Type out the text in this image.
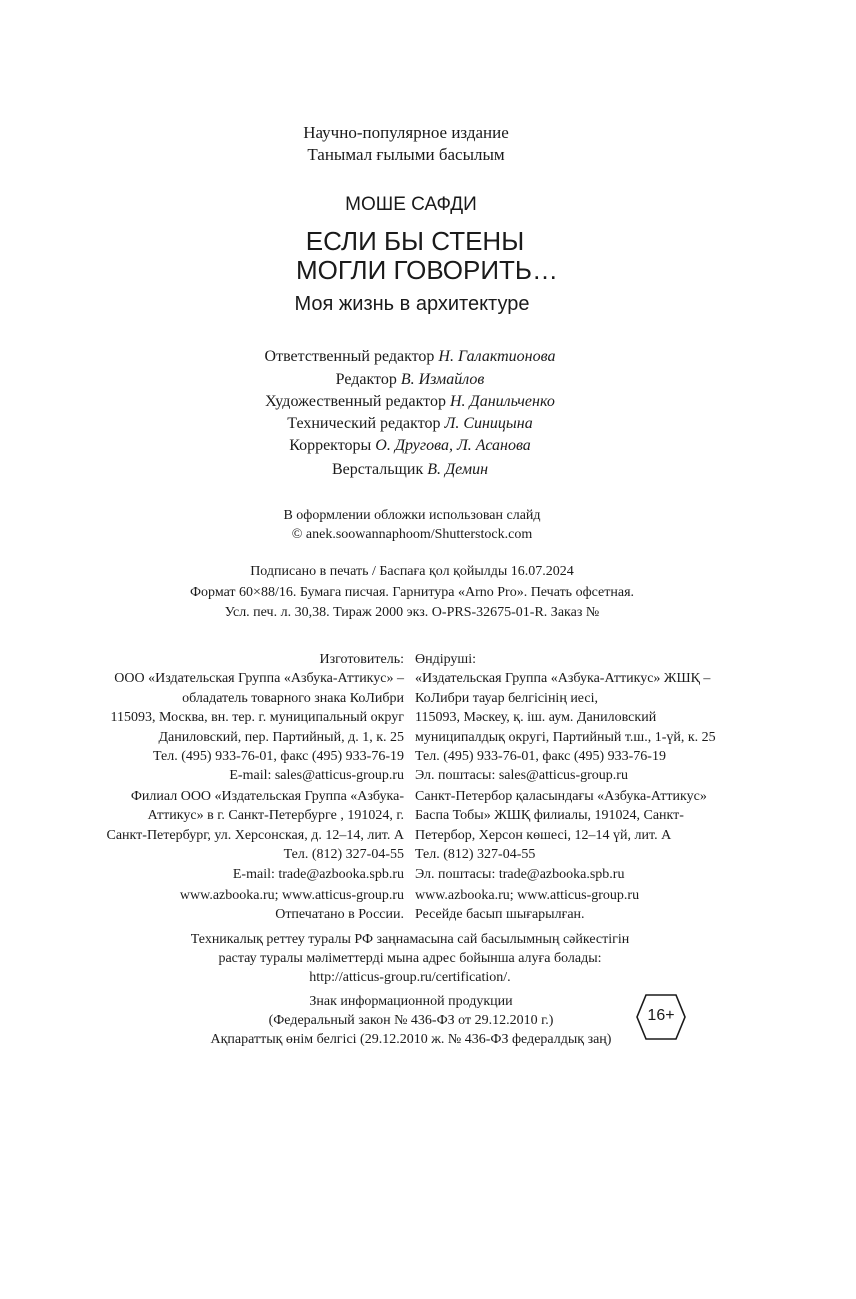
Научно-популярное издание
Танымал ғылыми басылым
МОШЕ САФДИ
ЕСЛИ БЫ СТЕНЫ
МОГЛИ ГОВОРИТЬ…
Моя жизнь в архитектуре
Ответственный редактор Н. Галактионова
Редактор В. Измайлов
Художественный редактор Н. Данильченко
Технический редактор Л. Синицына
Корректоры О. Другова, Л. Асанова
Верстальщик В. Демин
В оформлении обложки использован слайд
© anek.soowannaphoom/Shutterstock.com
Подписано в печать / Баспаға қол қойылды 16.07.2024
Формат 60×88/16. Бумага писчая. Гарнитура «Arno Pro». Печать офсетная.
Усл. печ. л. 30,38. Тираж 2000 экз. O-PRS-32675-01-R. Заказ №
Изготовитель:
ООО «Издательская Группа «Азбука-Аттикус» –
обладатель товарного знака КоЛибри
115093, Москва, вн. тер. г. муниципальный округ
Даниловский, пер. Партийный, д. 1, к. 25
Тел. (495) 933-76-01, факс (495) 933-76-19
E-mail: sales@atticus-group.ru
Өндіруші:
«Издательская Группа «Азбука-Аттикус» ЖШҚ –
КоЛибри тауар белгісінің иесі,
115093, Мәскеу, қ. іш. аум. Даниловский
муниципалдық округі, Партийный т.ш., 1-үй, к. 25
Тел. (495) 933-76-01, факс (495) 933-76-19
Эл. поштасы: sales@atticus-group.ru
Филиал ООО «Издательская Группа «Азбука-
Аттикус» в г. Санкт-Петербурге , 191024, г.
Санкт-Петербург, ул. Херсонская, д. 12–14, лит. А
Тел. (812) 327-04-55
E-mail: trade@azbooka.spb.ru
Санкт-Петербор қаласындағы «Азбука-Аттикус»
Баспа Тобы» ЖШҚ филиалы, 191024, Санкт-
Петербор, Херсон көшесі, 12–14 үй, лит. А
Тел. (812) 327-04-55
Эл. поштасы: trade@azbooka.spb.ru
www.azbooka.ru; www.atticus-group.ru
Отпечатано в России.
www.azbooka.ru; www.atticus-group.ru
Ресейде басып шығарылған.
Техникалық реттеу туралы РФ заңнамасына сай басылымның сәйкестігін
растау туралы мәліметтерді мына адрес бойынша алуға болады:
http://atticus-group.ru/certification/.
Знак информационной продукции
(Федеральный закон № 436-ФЗ от 29.12.2010 г.)
Ақпараттық өнім белгісі (29.12.2010 ж. № 436-ФЗ федералдық заң)
16+
